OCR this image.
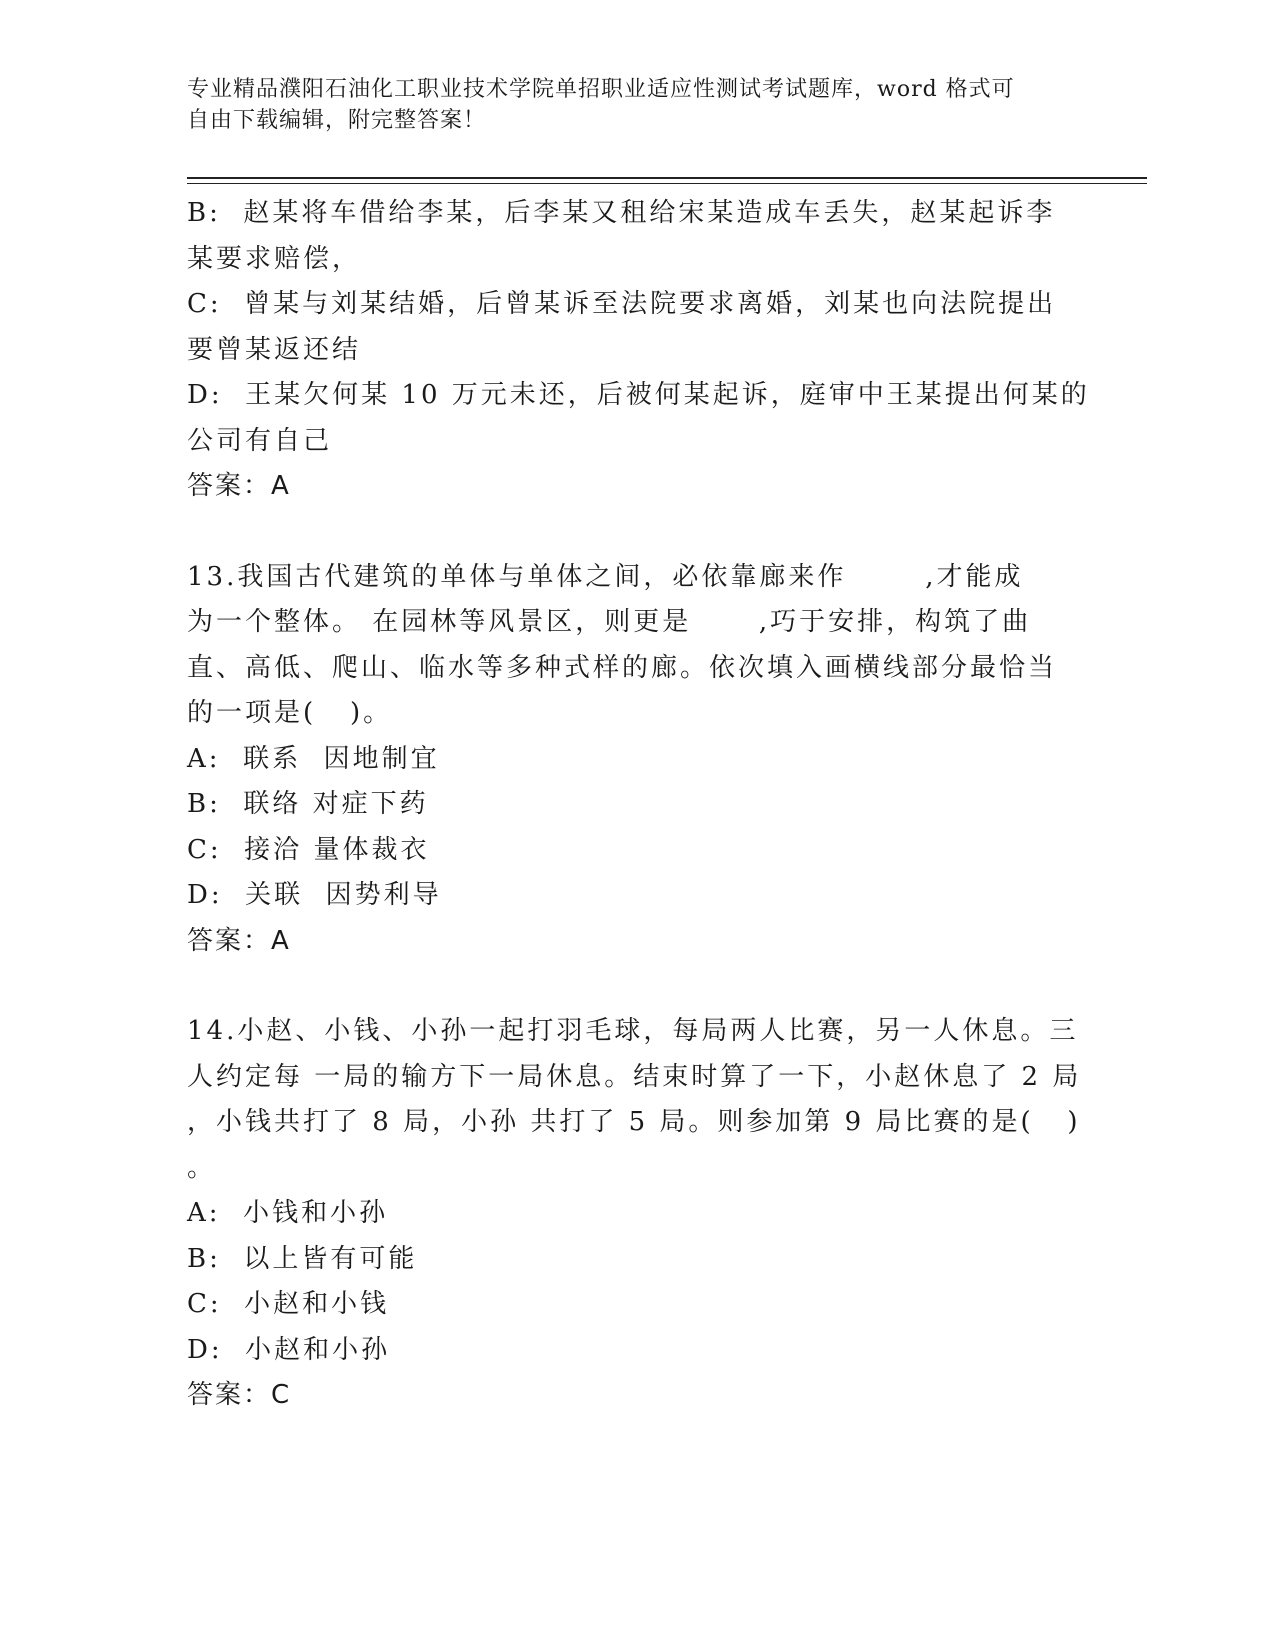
专业精品濮阳石油化工职业技术学院单招职业适应性测试考试题库，word 格式可
自由下载编辑，附完整答案！
B:  赵某将车借给李某，后李某又租给宋某造成车丢失，赵某起诉李
某要求赔偿，
C:  曾某与刘某结婚，后曾某诉至法院要求离婚，刘某也向法院提出
要曾某返还结
D:  王某欠何某 10 万元未还，后被何某起诉，庭审中王某提出何某的
公司有自己
答案：A
13.我国古代建筑的单体与单体之间，必依靠廊来作       ,才能成
为一个整体。 在园林等风景区，则更是      ,巧于安排，构筑了曲
直、高低、爬山、临水等多种式样的廊。依次填入画横线部分最恰当
的一项是(   )。
A:  联系  因地制宜
B:  联络 对症下药
C:  接洽 量体裁衣
D:  关联  因势利导
答案：A
14.小赵、小钱、小孙一起打羽毛球，每局两人比赛，另一人休息。三
人约定每 一局的输方下一局休息。结束时算了一下，小赵休息了 2 局
，小钱共打了 8 局，小孙 共打了 5 局。则参加第 9 局比赛的是(   )
。
A:  小钱和小孙
B:  以上皆有可能
C:  小赵和小钱
D:  小赵和小孙
答案：C
